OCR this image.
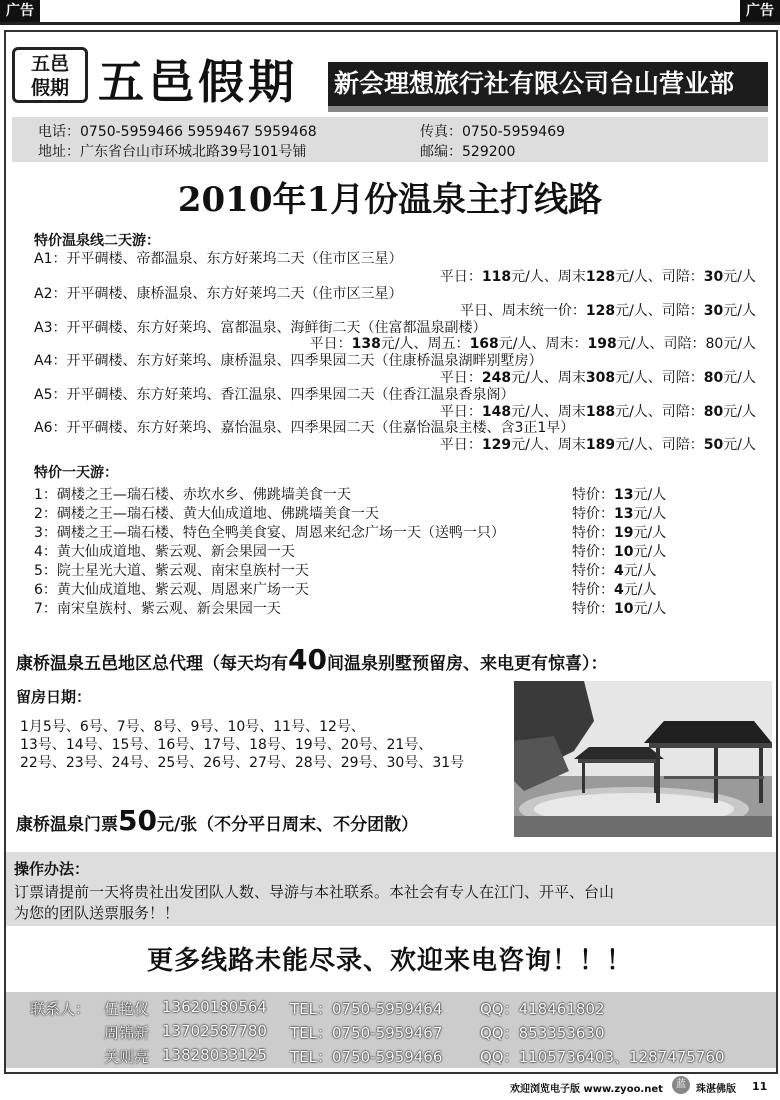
广告	广告
五邑
假期 五邑假期 新会理想旅行社有限公司台山营业部
电话：0750-5959466 5959467 5959468	传真：0750-5959469
地址：广东省台山市环城北路39号101号铺	邮编：529200
2010年1月份温泉主打线路
特价温泉线二天游：
A1：开平碉楼、帝都温泉、东方好莱坞二天（住市区三星）
平日：118元/人、周末128元/人、司陪：30元/人
A2：开平碉楼、康桥温泉、东方好莱坞二天（住市区三星）
平日、周末统一价：128元/人、司陪：30元/人
A3：开平碉楼、东方好莱坞、富都温泉、海鲜街二天（住富都温泉副楼）
平日：138元/人、周五：168元/人、周末：198元/人、司陪：80元/人
A4：开平碉楼、东方好莱坞、康桥温泉、四季果园二天（住康桥温泉湖畔别墅房）
平日：248元/人、周末308元/人、司陪：80元/人
A5：开平碉楼、东方好莱坞、香江温泉、四季果园二天（住香江温泉香泉阁）
平日：148元/人、周末188元/人、司陪：80元/人
A6：开平碉楼、东方好莱坞、嘉怡温泉、四季果园二天（住嘉怡温泉主楼、含3正1早）
平日：129元/人、周末189元/人、司陪：50元/人
特价一天游：
1：碉楼之王—瑞石楼、赤坎水乡、佛跳墙美食一天	特价：13元/人
2：碉楼之王—瑞石楼、黄大仙成道地、佛跳墙美食一天	特价：13元/人
3：碉楼之王—瑞石楼、特色全鸭美食宴、周恩来纪念广场一天（送鸭一只）	特价：19元/人
4：黄大仙成道地、紫云观、新会果园一天	特价：10元/人
5：院士星光大道、紫云观、南宋皇族村一天	特价：4元/人
6：黄大仙成道地、紫云观、周恩来广场一天	特价：4元/人
7：南宋皇族村、紫云观、新会果园一天	特价：10元/人
康桥温泉五邑地区总代理（每天均有40间温泉别墅预留房、来电更有惊喜）：
留房日期：
1月5号、6号、7号、8号、9号、10号、11号、12号、
13号、14号、15号、16号、17号、18号、19号、20号、21号、
22号、23号、24号、25号、26号、27号、28号、29号、30号、31号
康桥温泉门票50元/张（不分平日周末、不分团散）
操作办法：
订票请提前一天将贵社出发团队人数、导游与本社联系。本社会有专人在江门、开平、台山
为您的团队送票服务！！
更多线路未能尽录、欢迎来电咨询！！！
联系人： 伍艳仪 13620180564 TEL：0750-5959464	QQ：418461802
周锦新 13702587780 TEL：0750-5959467	QQ：853353630
关则亮 13828033125 TEL：0750-5959466	QQ：1105736403、1287475760
欢迎浏览电子版 www.zyoo.net	蓝	珠湛佛版 11
